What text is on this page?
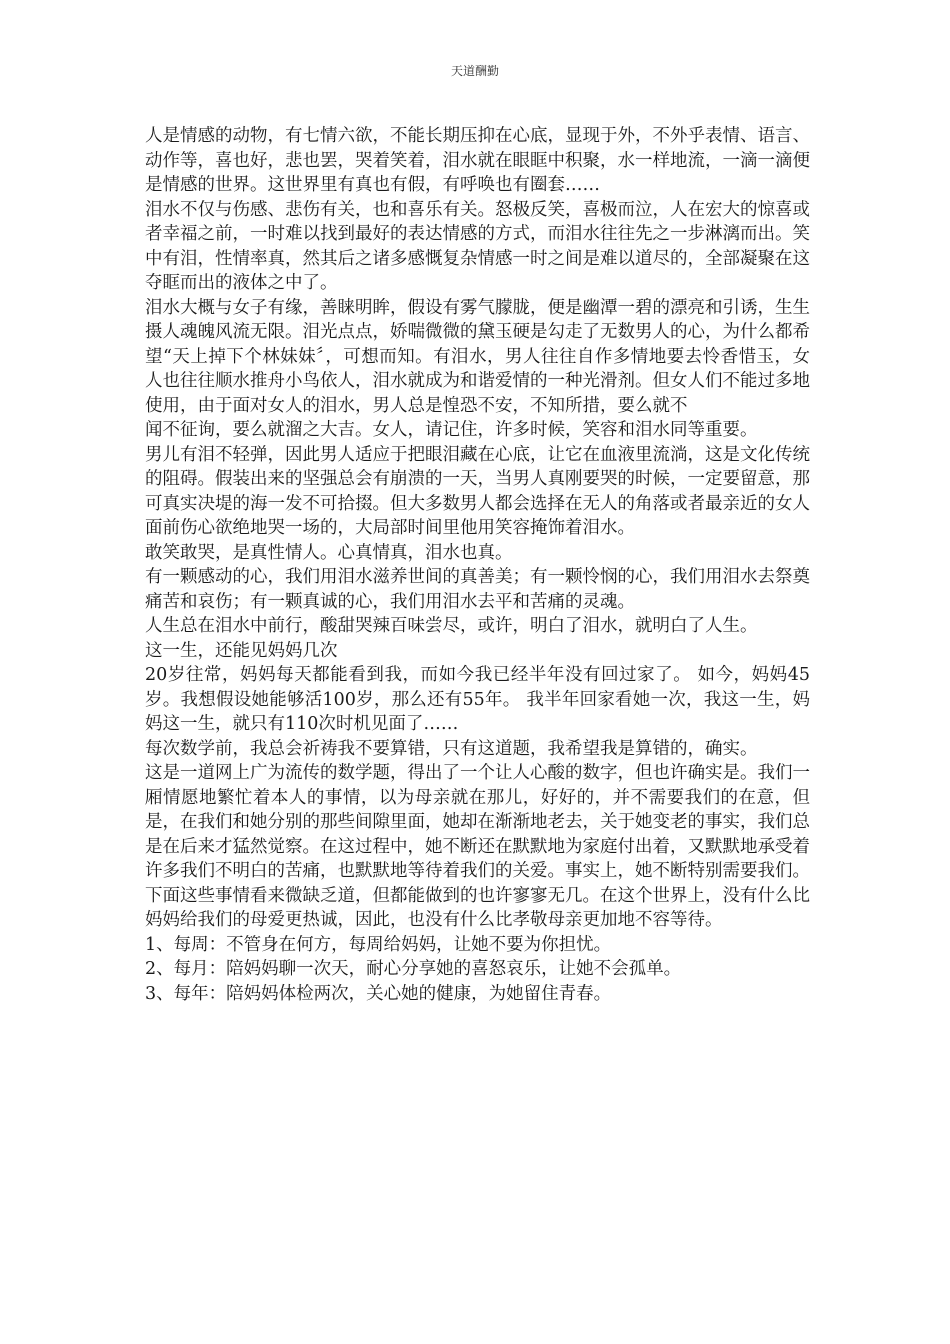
天道酬勤

人是情感的动物，有七情六欲，不能长期压抑在心底，显现于外，不外乎表情、语言、动作等，喜也好，悲也罢，哭着笑着，泪水就在眼眶中积聚，水一样地流，一滴一滴便是情感的世界。这世界里有真也有假，有呼唤也有圈套……

泪水不仅与伤感、悲伤有关，也和喜乐有关。怒极反笑，喜极而泣，人在宏大的惊喜或者幸福之前，一时难以找到最好的表达情感的方式，而泪水往往先之一步淋漓而出。笑中有泪，性情率真，然其后之诸多感慨复杂情感一时之间是难以道尽的，全部凝聚在这夺眶而出的液体之中了。

泪水大概与女子有缘，善睐明眸，假设有雾气朦胧，便是幽潭一碧的漂亮和引诱，生生摄人魂魄风流无限。泪光点点，娇喘微微的黛玉硬是勾走了无数男人的心，为什么都希望“天上掉下个林妹妹〞，可想而知。有泪水，男人往往自作多情地要去怜香惜玉，女人也往往顺水推舟小鸟依人，泪水就成为和谐爱情的一种光滑剂。但女人们不能过多地使用，由于面对女人的泪水，男人总是惶恐不安，不知所措，要么就不

闻不征询，要么就溜之大吉。女人，请记住，许多时候，笑容和泪水同等重要。

男儿有泪不轻弹，因此男人适应于把眼泪藏在心底，让它在血液里流淌，这是文化传统的阻碍。假装出来的坚强总会有崩溃的一天，当男人真刚要哭的时候，一定要留意，那可真实决堤的海一发不可拾掇。但大多数男人都会选择在无人的角落或者最亲近的女人面前伤心欲绝地哭一场的，大局部时间里他用笑容掩饰着泪水。

敢笑敢哭，是真性情人。心真情真，泪水也真。

有一颗感动的心，我们用泪水滋养世间的真善美；有一颗怜悯的心，我们用泪水去祭奠痛苦和哀伤；有一颗真诚的心，我们用泪水去平和苦痛的灵魂。

人生总在泪水中前行，酸甜哭辣百味尝尽，或许，明白了泪水，就明白了人生。

这一生，还能见妈妈几次

20岁往常，妈妈每天都能看到我，而如今我已经半年没有回过家了。 如今，妈妈45岁。我想假设她能够活100岁，那么还有55年。 我半年回家看她一次，我这一生，妈妈这一生，就只有110次时机见面了……

每次数学前，我总会祈祷我不要算错，只有这道题，我希望我是算错的，确实。

这是一道网上广为流传的数学题，得出了一个让人心酸的数字，但也许确实是。我们一厢情愿地繁忙着本人的事情，以为母亲就在那儿，好好的，并不需要我们的在意，但是，在我们和她分别的那些间隙里面，她却在渐渐地老去，关于她变老的事实，我们总是在后来才猛然觉察。在这过程中，她不断还在默默地为家庭付出着，又默默地承受着许多我们不明白的苦痛，也默默地等待着我们的关爱。事实上，她不断特别需要我们。

下面这些事情看来微缺乏道，但都能做到的也许寥寥无几。在这个世界上，没有什么比妈妈给我们的母爱更热诚，因此，也没有什么比孝敬母亲更加地不容等待。

1、每周：不管身在何方，每周给妈妈，让她不要为你担忧。

2、每月：陪妈妈聊一次天，耐心分享她的喜怒哀乐，让她不会孤单。

3、每年：陪妈妈体检两次，关心她的健康，为她留住青春。
